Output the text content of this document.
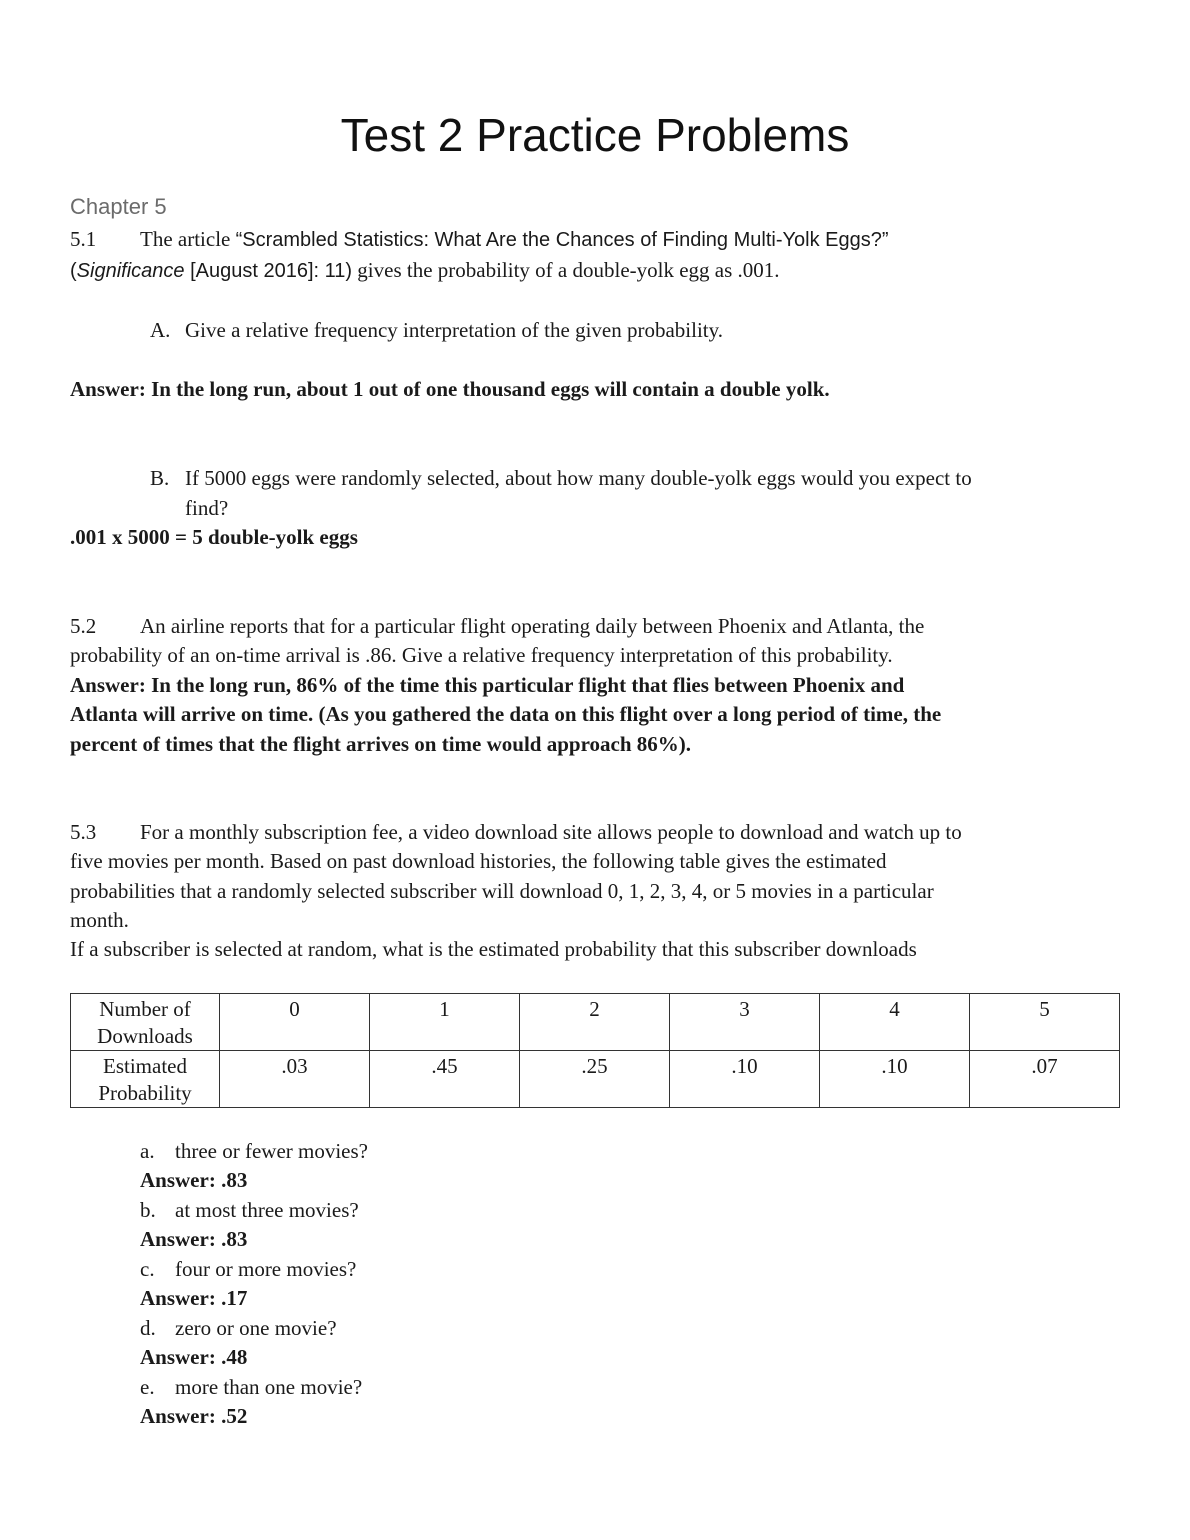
Test 2 Practice Problems
Chapter 5
5.1 The article “Scrambled Statistics: What Are the Chances of Finding Multi-Yolk Eggs?”
(Significance [August 2016]: 11) gives the probability of a double-yolk egg as .001.
A. Give a relative frequency interpretation of the given probability.
Answer: In the long run, about 1 out of one thousand eggs will contain a double yolk.
B. If 5000 eggs were randomly selected, about how many double-yolk eggs would you expect to
find?
.001 x 5000 = 5 double-yolk eggs
5.2 An airline reports that for a particular flight operating daily between Phoenix and Atlanta, the
probability of an on-time arrival is .86. Give a relative frequency interpretation of this probability.
Answer: In the long run, 86% of the time this particular flight that flies between Phoenix and
Atlanta will arrive on time. (As you gathered the data on this flight over a long period of time, the
percent of times that the flight arrives on time would approach 86%).
5.3 For a monthly subscription fee, a video download site allows people to download and watch up to
five movies per month. Based on past download histories, the following table gives the estimated
probabilities that a randomly selected subscriber will download 0, 1, 2, 3, 4, or 5 movies in a particular
month.
If a subscriber is selected at random, what is the estimated probability that this subscriber downloads
Number of
Downloads	0	1	2	3	4	5
Estimated
Probability	.03	.45	.25	.10	.10	.07
a. three or fewer movies?
Answer: .83
b. at most three movies?
Answer: .83
c. four or more movies?
Answer: .17
d. zero or one movie?
Answer: .48
e. more than one movie?
Answer: .52
